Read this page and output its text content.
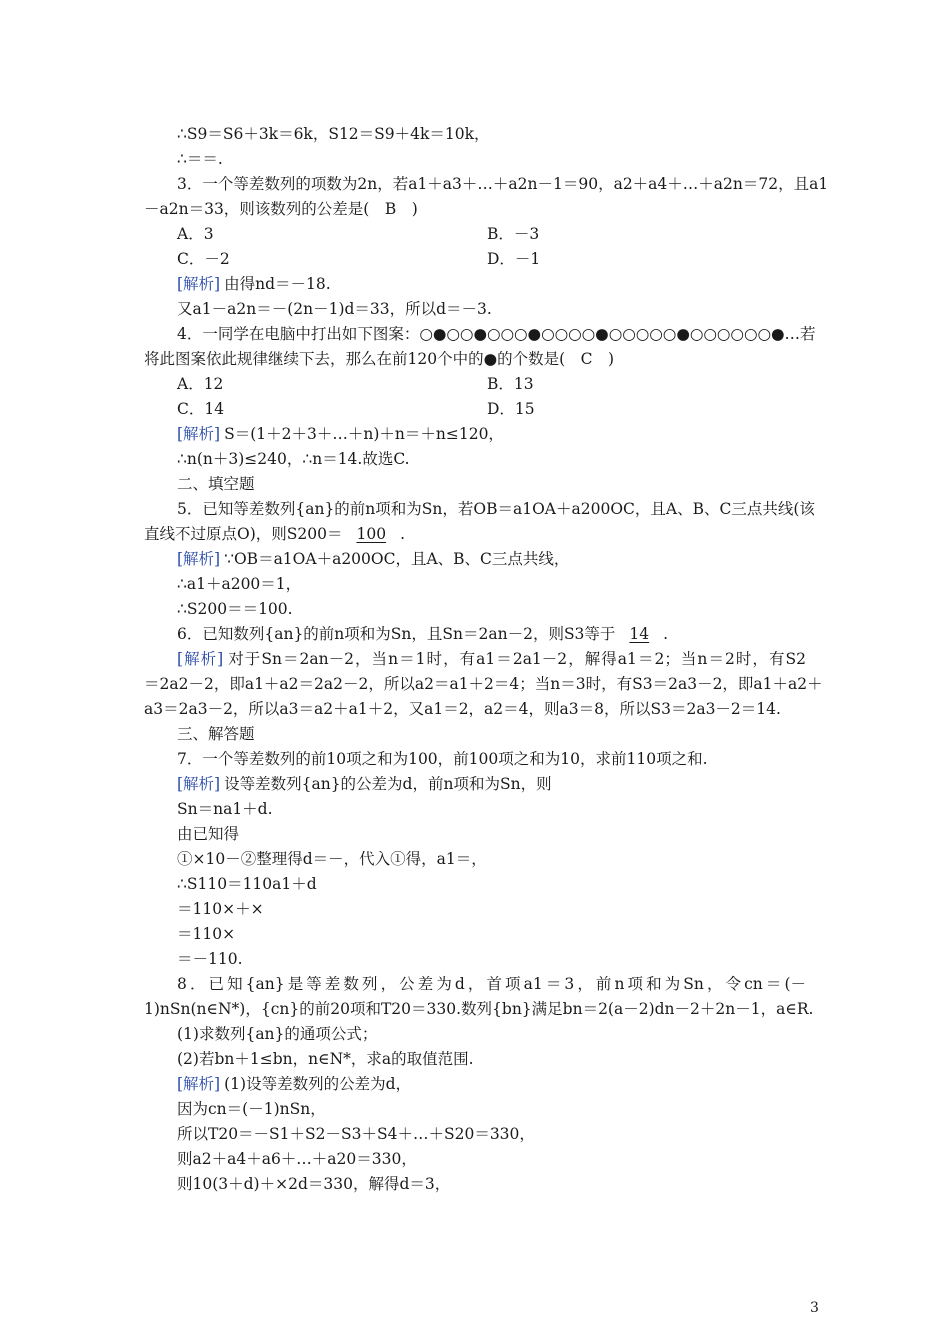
∴S9＝S6＋3k＝6k，S12＝S9＋4k＝10k，
∴＝＝.
3．一个等差数列的项数为2n，若a1＋a3＋…＋a2n－1＝90，a2＋a4＋…＋a2n＝72，且a1
－a2n＝33，则该数列的公差是(　B　)
A．3	B．－3
C．－2	D．－1
[解析] 由得nd＝－18.
又a1－a2n＝－(2n－1)d＝33，所以d＝－3.
4．一同学在电脑中打出如下图案：○●○○●○○○●○○○○●○○○○○●○○○○○○●…若
将此图案依此规律继续下去，那么在前120个中的●的个数是(　C　)
A．12	B．13
C．14	D．15
[解析] S＝(1＋2＋3＋…＋n)＋n＝＋n≤120，
∴n(n＋3)≤240，∴n＝14.故选C.
二、填空题
5．已知等差数列{an}的前n项和为Sn，若OB＝a1OA＋a200OC，且A、B、C三点共线(该
直线不过原点O)，则S200＝ 100 .
[解析] ∵OB＝a1OA＋a200OC，且A、B、C三点共线，
∴a1＋a200＝1，
∴S200＝＝100.
6．已知数列{an}的前n项和为Sn，且Sn＝2an－2，则S3等于 14 .
[解析] 对于Sn＝2an－2，当n＝1时，有a1＝2a1－2，解得a1＝2；当n＝2时，有S2
＝2a2－2，即a1＋a2＝2a2－2，所以a2＝a1＋2＝4；当n＝3时，有S3＝2a3－2，即a1＋a2＋
a3＝2a3－2，所以a3＝a2＋a1＋2，又a1＝2，a2＝4，则a3＝8，所以S3＝2a3－2＝14.
三、解答题
7．一个等差数列的前10项之和为100，前100项之和为10，求前110项之和.
[解析] 设等差数列{an}的公差为d，前n项和为Sn，则
Sn＝na1＋d.
由已知得
①×10－②整理得d＝－，代入①得，a1＝，
∴S110＝110a1＋d
＝110×＋×
＝110×
＝－110.
8．已知{an}是等差数列，公差为d，首项a1＝3，前n项和为Sn，令cn＝(－
1)nSn(n∈N*)，{cn}的前20项和T20＝330.数列{bn}满足bn＝2(a－2)dn－2＋2n－1，a∈R.
(1)求数列{an}的通项公式；
(2)若bn＋1≤bn，n∈N*，求a的取值范围.
[解析] (1)设等差数列的公差为d，
因为cn＝(－1)nSn，
所以T20＝－S1＋S2－S3＋S4＋…＋S20＝330，
则a2＋a4＋a6＋…＋a20＝330，
则10(3＋d)＋×2d＝330，解得d＝3，
3
